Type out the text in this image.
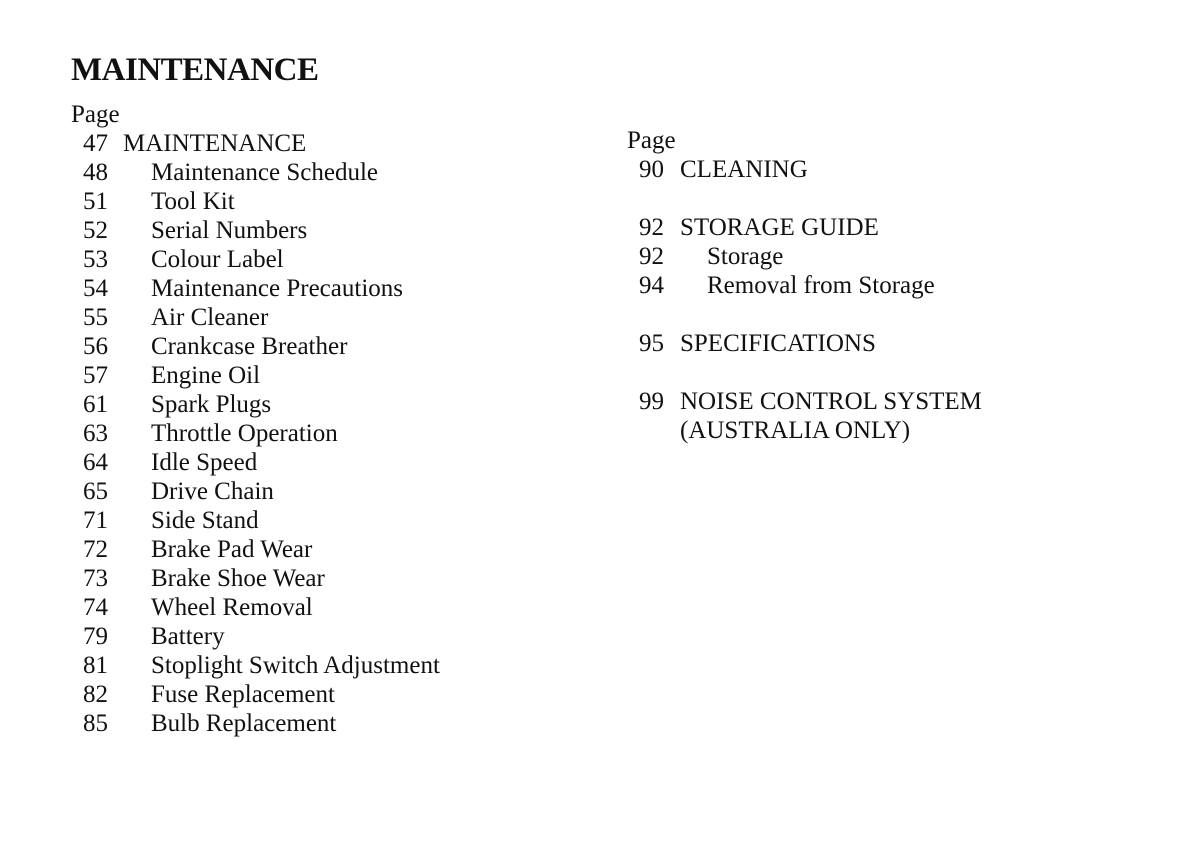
MAINTENANCE
Page
47 MAINTENANCE
48 Maintenance Schedule
51 Tool Kit
52 Serial Numbers
53 Colour Label
54 Maintenance Precautions
55 Air Cleaner
56 Crankcase Breather
57 Engine Oil
61 Spark Plugs
63 Throttle Operation
64 Idle Speed
65 Drive Chain
71 Side Stand
72 Brake Pad Wear
73 Brake Shoe Wear
74 Wheel Removal
79 Battery
81 Stoplight Switch Adjustment
82 Fuse Replacement
85 Bulb Replacement
Page
90 CLEANING
92 STORAGE GUIDE
92 Storage
94 Removal from Storage
95 SPECIFICATIONS
99 NOISE CONTROL SYSTEM
(AUSTRALIA ONLY)
